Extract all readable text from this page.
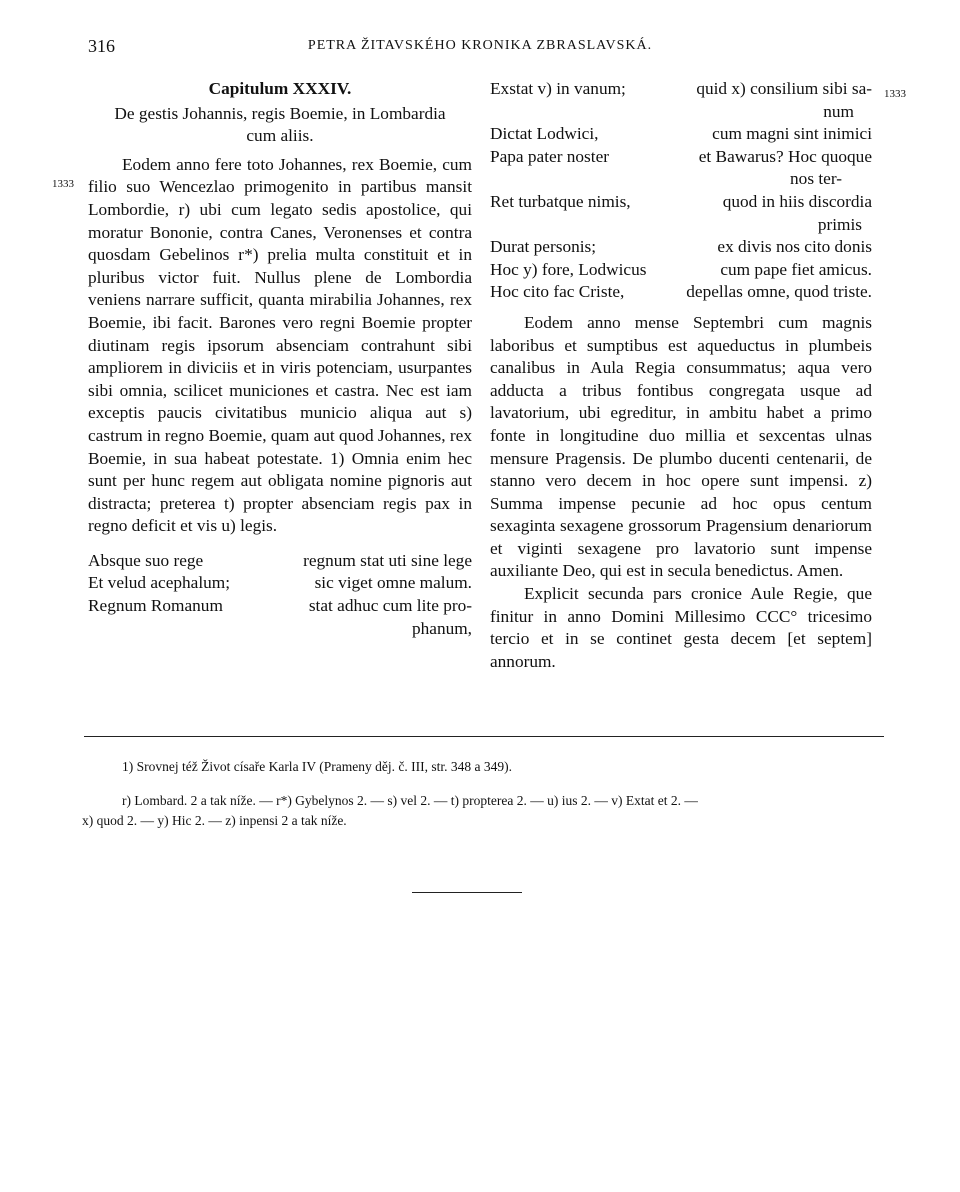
316	PETRA ŽITAVSKÉHO KRONIKA ZBRASLAVSKÁ.
1333
1333
Capitulum XXXIV.
De gestis Johannis, regis Boemie, in Lombardia cum aliis.

Eodem anno fere toto Johannes, rex Boemie, cum filio suo Wencezlao primogenito in partibus mansit Lombordie, r) ubi cum legato sedis apostolice, qui moratur Bononie, contra Canes, Veronenses et contra quosdam Gebelinos r*) prelia multa constituit et in pluribus victor fuit. Nullus plene de Lombordia veniens narrare sufficit, quanta mirabilia Johannes, rex Boemie, ibi facit. Barones vero regni Boemie propter diutinam regis ipsorum absenciam contrahunt sibi ampliorem in diviciis et in viris potenciam, usurpantes sibi omnia, scilicet municiones et castra. Nec est iam exceptis paucis civitatibus municio aliqua aut s) castrum in regno Boemie, quam aut quod Johannes, rex Boemie, in sua habeat potestate. 1) Omnia enim hec sunt per hunc regem aut obligata nomine pignoris aut distracta; preterea t) propter absenciam regis pax in regno deficit et vis u) legis.

Absque suo rege	regnum stat uti sine lege
Et velud acephalum;	sic viget omne malum.
Regnum Romanum	stat adhuc cum lite pro-
phanum,
Exstat v) in vanum;	quid x) consilium sibi sa-
num
Dictat Lodwici,	cum magni sint inimici
Papa pater noster	et Bawarus? Hoc quoque
nos ter-
Ret turbatque nimis,	quod in hiis discordia
primis
Durat personis;	ex divis nos cito donis
Hoc y) fore, Lodwicus	cum pape fiet amicus.
Hoc cito fac Criste,	depellas omne, quod triste.

Eodem anno mense Septembri cum magnis laboribus et sumptibus est aqueductus in plumbeis canalibus in Aula Regia consummatus; aqua vero adducta a tribus fontibus congregata usque ad lavatorium, ubi egreditur, in ambitu habet a primo fonte in longitudine duo millia et sexcentas ulnas mensure Pragensis. De plumbo ducenti centenarii, de stanno vero decem in hoc opere sunt impensi. z) Summa impense pecunie ad hoc opus centum sexaginta sexagene grossorum Pragensium denariorum et viginti sexagene pro lavatorio sunt impense auxiliante Deo, qui est in secula benedictus. Amen.

Explicit secunda pars cronice Aule Regie, que finitur in anno Domini Millesimo CCC° tricesimo tercio et in se continet gesta decem [et septem] annorum.

1) Srovnej též Život císaře Karla IV (Prameny děj. č. III, str. 348 a 349).
r) Lombard. 2 a tak níže. — r*) Gybelynos 2. — s) vel 2. — t) propterea 2. — u) ius 2. — v) Extat et 2. —
x) quod 2. — y) Hic 2. — z) inpensi 2 a tak níže.
